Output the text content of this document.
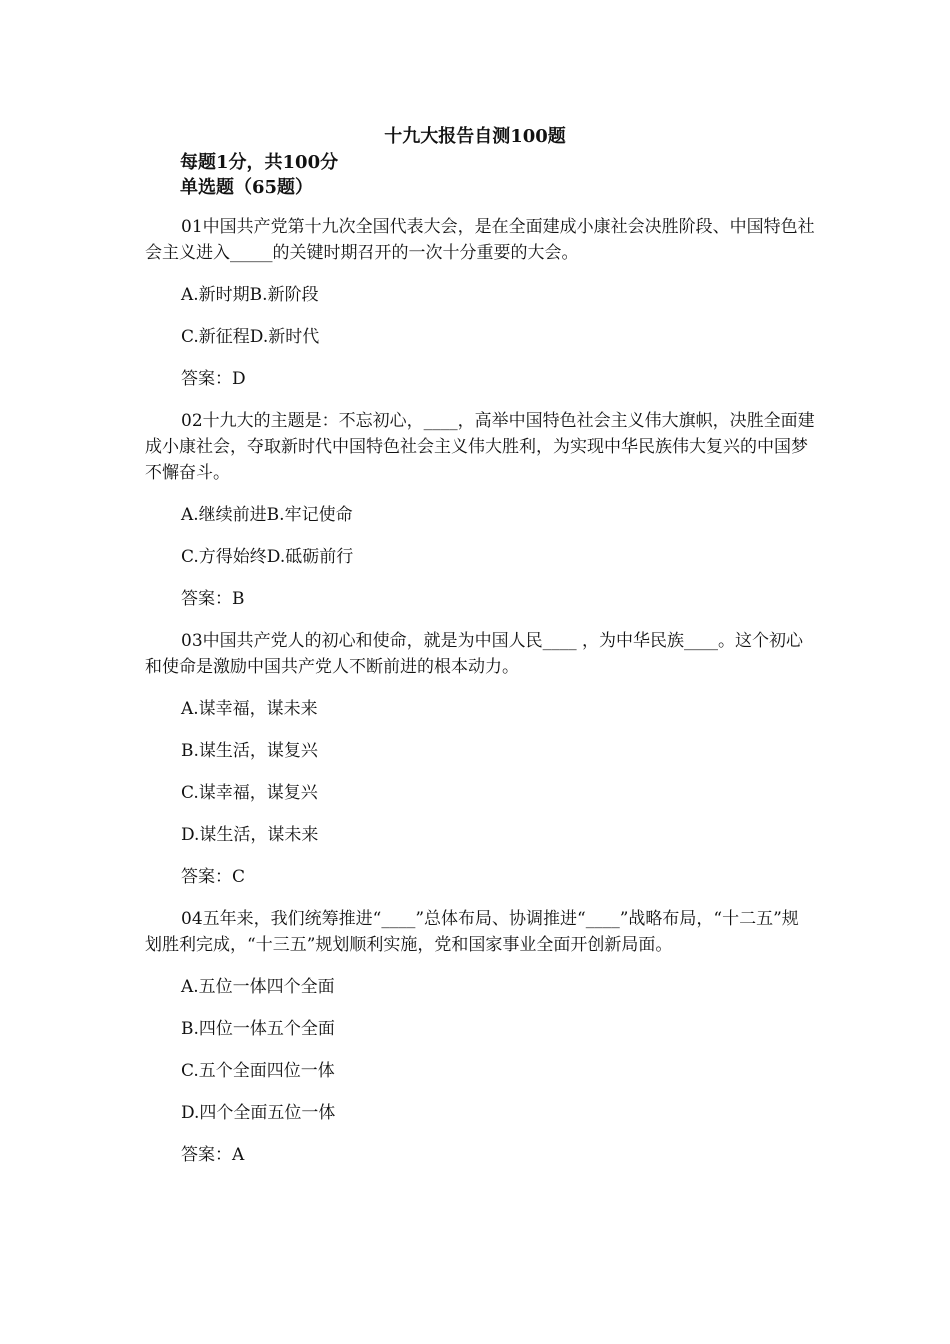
十九大报告自测100题
每题1分，共100分
单选题（65题）

01中国共产党第十九次全国代表大会，是在全面建成小康社会决胜阶段、中国特色社会主义进入_____的关键时期召开的一次十分重要的大会。

A.新时期B.新阶段

C.新征程D.新时代

答案：D

02十九大的主题是：不忘初心，____，高举中国特色社会主义伟大旗帜，决胜全面建成小康社会，夺取新时代中国特色社会主义伟大胜利，为实现中华民族伟大复兴的中国梦不懈奋斗。

A.继续前进B.牢记使命

C.方得始终D.砥砺前行

答案：B

03中国共产党人的初心和使命，就是为中国人民____ ，为中华民族____。这个初心和使命是激励中国共产党人不断前进的根本动力。

A.谋幸福，谋未来

B.谋生活，谋复兴

C.谋幸福，谋复兴

D.谋生活，谋未来

答案：C

04五年来，我们统筹推进“____”总体布局、协调推进“____”战略布局，“十二五”规划胜利完成，“十三五”规划顺利实施，党和国家事业全面开创新局面。

A.五位一体四个全面

B.四位一体五个全面

C.五个全面四位一体

D.四个全面五位一体

答案：A
